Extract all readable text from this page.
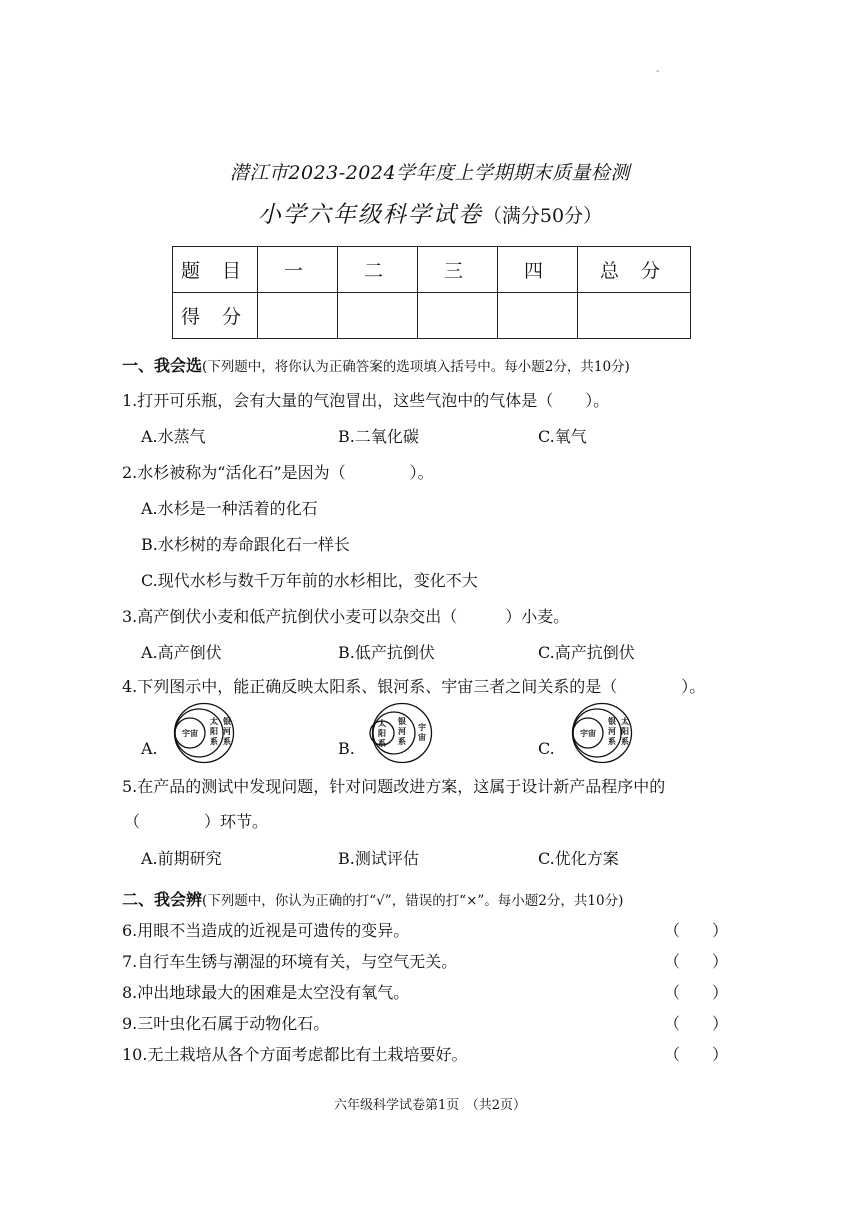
-
潜江市2023-2024学年度上学期期末质量检测
小学六年级科学试卷（满分50分）
题 目	一	二	三	四	总 分
得 分					
一、我会选(下列题中，将你认为正确答案的选项填入括号中。每小题2分，共10分)
1.打开可乐瓶，会有大量的气泡冒出，这些气泡中的气体是（　　）。
A.水蒸气	B.二氧化碳	C.氧气
2.水杉被称为“活化石”是因为（　　　　）。
A.水杉是一种活着的化石
B.水杉树的寿命跟化石一样长
C.现代水杉与数千万年前的水杉相比，变化不大
3.高产倒伏小麦和低产抗倒伏小麦可以杂交出（　　　）小麦。
A.高产倒伏	B.低产抗倒伏	C.高产抗倒伏
4.下列图示中，能正确反映太阳系、银河系、宇宙三者之间关系的是（　　　　）。
A.	B.	C.
宇宙
太
阳
系
银
河
系
太
阳
系
银
河
系
宇
宙	宇宙
银
河
系
太
阳
系
5.在产品的测试中发现问题，针对问题改进方案，这属于设计新产品程序中的
（　　　　）环节。
A.前期研究	B.测试评估	C.优化方案
二、我会辨(下列题中，你认为正确的打“√”，错误的打“×”。每小题2分，共10分)
6.用眼不当造成的近视是可遗传的变异。	（　　）
7.自行车生锈与潮湿的环境有关，与空气无关。	（　　）
8.冲出地球最大的困难是太空没有氧气。	（　　）
9.三叶虫化石属于动物化石。	（　　）
10.无土栽培从各个方面考虑都比有土栽培要好。	（　　）
六年级科学试卷第1页　（共2页）
